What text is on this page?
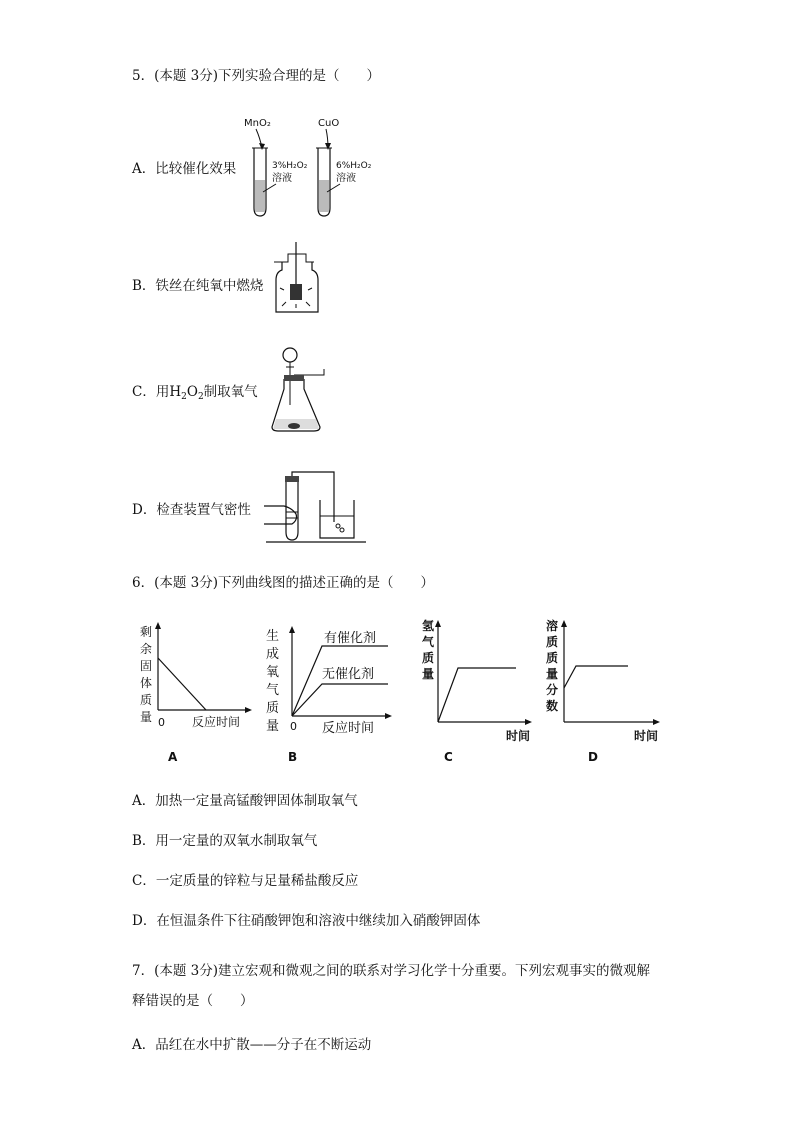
5．(本题 3分)下列实验合理的是（　　）
A．比较催化效果
MnO₂	CuO
3%H₂O₂
溶液
6%H₂O₂
溶液
B．铁丝在纯氧中燃烧
C．用$H_2O_2$制取氧气
D．检查装置气密性
6．(本题 3分)下列曲线图的描述正确的是（　　）
剩
余
固
体
质
量 0 反应时间
A
生
成
氧
气
质
量
有催化剂
无催化剂
0 反应时间
B
氢
气
质
量
时间
C
溶
质
质
量
分
数
时间
D
A．加热一定量高锰酸钾固体制取氧气
B．用一定量的双氧水制取氧气
C．一定质量的锌粒与足量稀盐酸反应
D．在恒温条件下往硝酸钾饱和溶液中继续加入硝酸钾固体
7．(本题 3分)建立宏观和微观之间的联系对学习化学十分重要。下列宏观事实的微观解
释错误的是（　　）
A．品红在水中扩散——分子在不断运动
